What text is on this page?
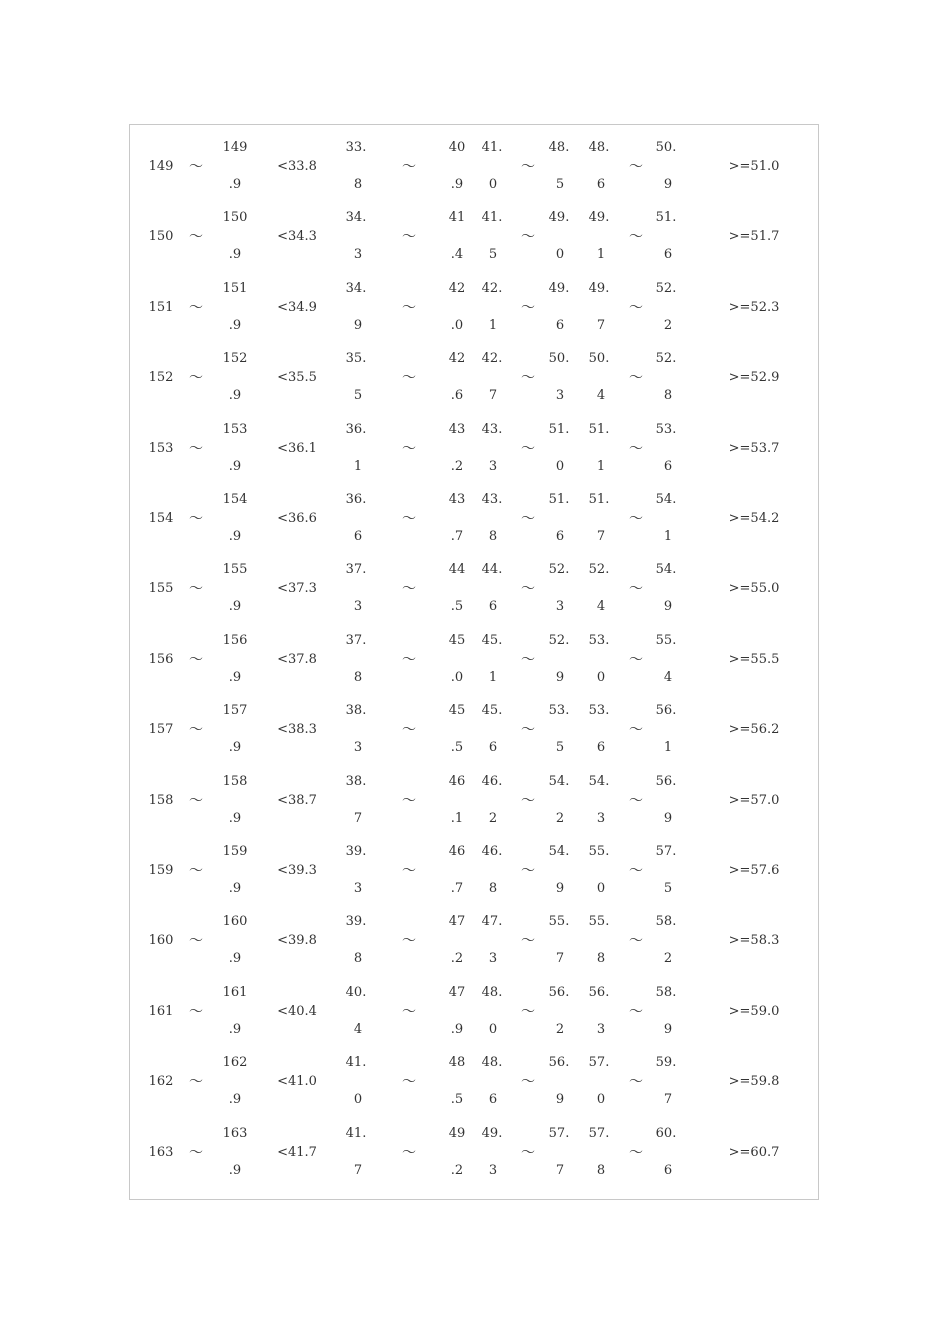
149 ～
149
.9
<33.8
33.
8
～
40
.9
41.
0
～
48.
5
48.
6
～
50.
9
>=51.0
150 ～
150
.9
<34.3
34.
3
～
41
.4
41.
5
～
49.
0
49.
1
～
51.
6
>=51.7
151 ～
151
.9
<34.9
34.
9
～
42
.0
42.
1
～
49.
6
49.
7
～
52.
2
>=52.3
152 ～
152
.9
<35.5
35.
5
～
42
.6
42.
7
～
50.
3
50.
4
～
52.
8
>=52.9
153 ～
153
.9
<36.1
36.
1
～
43
.2
43.
3
～
51.
0
51.
1
～
53.
6
>=53.7
154 ～
154
.9
<36.6
36.
6
～
43
.7
43.
8
～
51.
6
51.
7
～
54.
1
>=54.2
155 ～
155
.9
<37.3
37.
3
～
44
.5
44.
6
～
52.
3
52.
4
～
54.
9
>=55.0
156 ～
156
.9
<37.8
37.
8
～
45
.0
45.
1
～
52.
9
53.
0
～
55.
4
>=55.5
157 ～
157
.9
<38.3
38.
3
～
45
.5
45.
6
～
53.
5
53.
6
～
56.
1
>=56.2
158 ～
158
.9
<38.7
38.
7
～
46
.1
46.
2
～
54.
2
54.
3
～
56.
9
>=57.0
159 ～
159
.9
<39.3
39.
3
～
46
.7
46.
8
～
54.
9
55.
0
～
57.
5
>=57.6
160 ～
160
.9
<39.8
39.
8
～
47
.2
47.
3
～
55.
7
55.
8
～
58.
2
>=58.3
161 ～
161
.9
<40.4
40.
4
～
47
.9
48.
0
～
56.
2
56.
3
～
58.
9
>=59.0
162 ～
162
.9
<41.0
41.
0
～
48
.5
48.
6
～
56.
9
57.
0
～
59.
7
>=59.8
163 ～
163
.9
<41.7
41.
7
～
49
.2
49.
3
～
57.
7
57.
8
～
60.
6
>=60.7
